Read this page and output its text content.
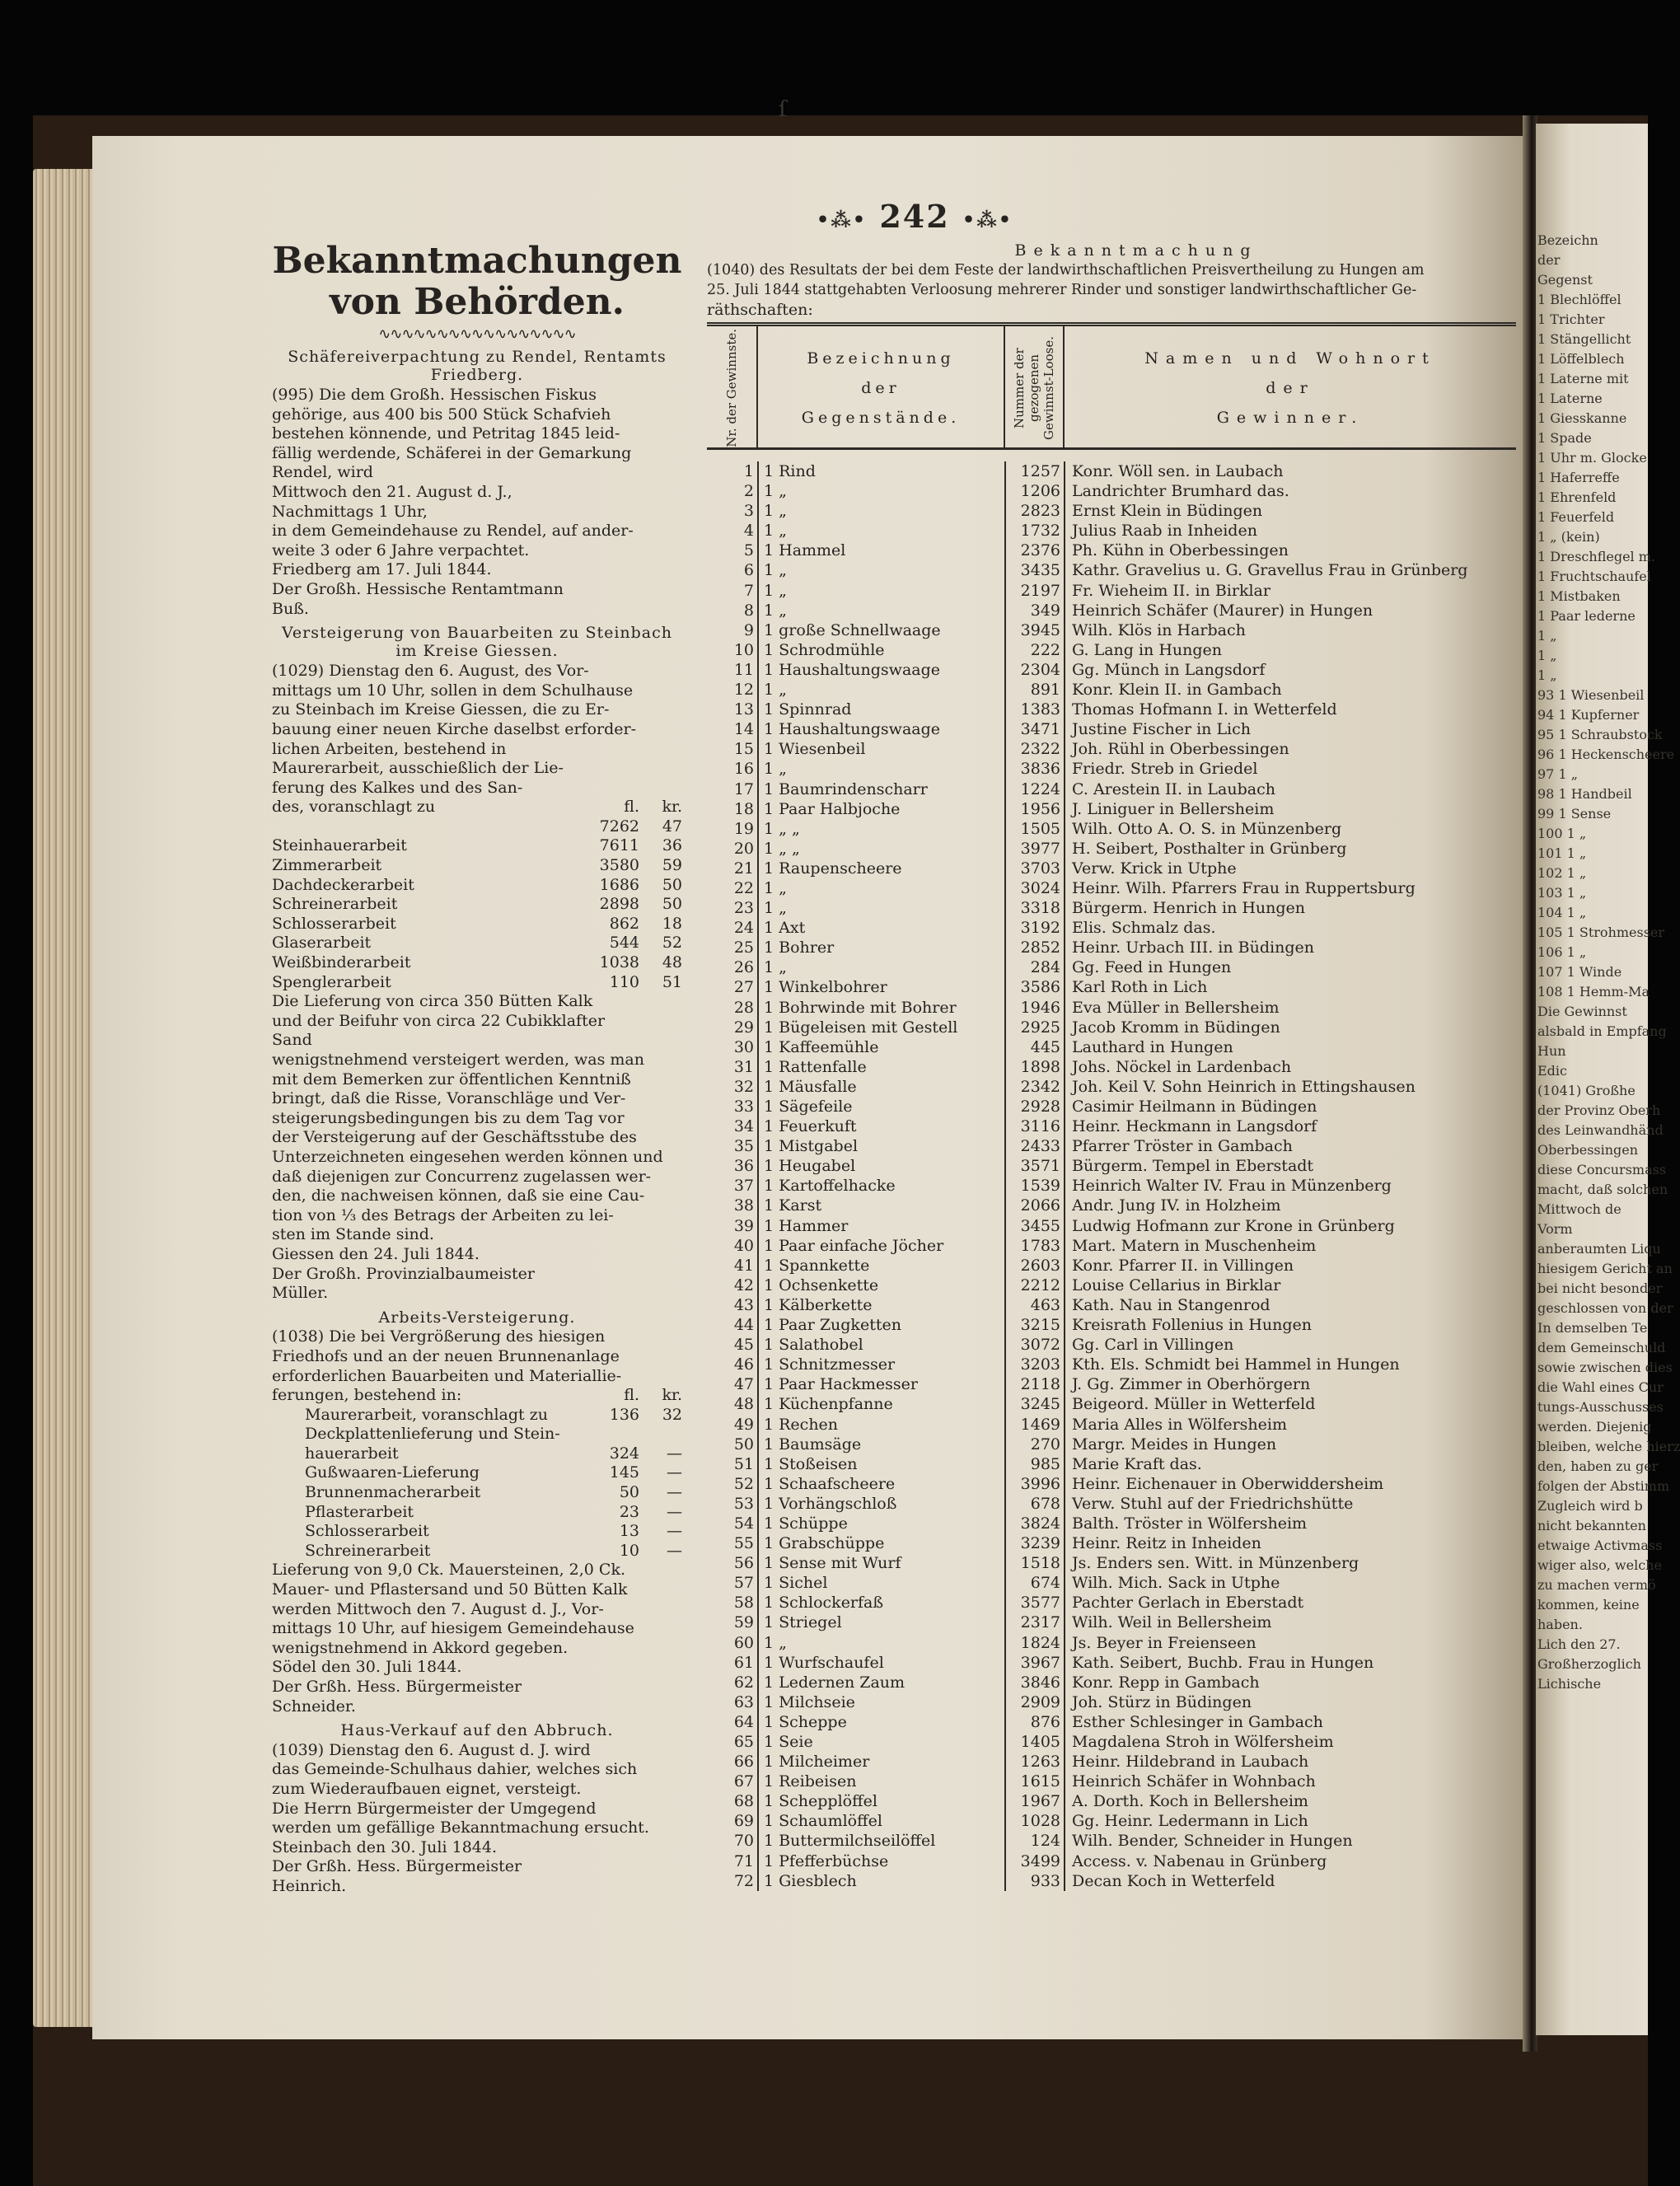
ſ
•⁂• 242 •⁂•
Bekanntmachungen von Behörden.
∿∿∿∿∿∿∿∿∿∿∿∿∿∿∿∿∿
Schäfereiverpachtung zu Rendel, Rentamts Friedberg.
(995) Die dem Großh. Hessischen Fiskus
gehörige, aus 400 bis 500 Stück Schafvieh
bestehen könnende, und Petritag 1845 leid-
fällig werdende, Schäferei in der Gemarkung
Rendel, wird
Mittwoch den 21. August d. J.,
Nachmittags 1 Uhr,
in dem Gemeindehause zu Rendel, auf ander-
weite 3 oder 6 Jahre verpachtet.
Friedberg am 17. Juli 1844.
Der Großh. Hessische Rentamtmann
Buß.
Versteigerung von Bauarbeiten zu Steinbach im Kreise Giessen.
(1029) Dienstag den 6. August, des Vor-
mittags um 10 Uhr, sollen in dem Schulhause
zu Steinbach im Kreise Giessen, die zu Er-
bauung einer neuen Kirche daselbst erforder-
lichen Arbeiten, bestehend in
Maurerarbeit, ausschießlich der Lie-
ferung des Kalkes und des San-
des, voranschlagt zu	fl.	kr.
7262	47
Steinhauerarbeit	7611	36
Zimmerarbeit	3580	59
Dachdeckerarbeit	1686	50
Schreinerarbeit	2898	50
Schlosserarbeit	862	18
Glaserarbeit	544	52
Weißbinderarbeit	1038	48
Spenglerarbeit	110	51
Die Lieferung von circa 350 Bütten Kalk
und der Beifuhr von circa 22 Cubikklafter
Sand
wenigstnehmend versteigert werden, was man
mit dem Bemerken zur öffentlichen Kenntniß
bringt, daß die Risse, Voranschläge und Ver-
steigerungsbedingungen bis zu dem Tag vor
der Versteigerung auf der Geschäftsstube des
Unterzeichneten eingesehen werden können und
daß diejenigen zur Concurrenz zugelassen wer-
den, die nachweisen können, daß sie eine Cau-
tion von ⅓ des Betrags der Arbeiten zu lei-
sten im Stande sind.
Giessen den 24. Juli 1844.
Der Großh. Provinzialbaumeister
Müller.
Arbeits-Versteigerung.
(1038) Die bei Vergrößerung des hiesigen
Friedhofs und an der neuen Brunnenanlage
erforderlichen Bauarbeiten und Materiallie-
ferungen, bestehend in:	fl.	kr.
Maurerarbeit, voranschlagt zu	136	32
Deckplattenlieferung und Stein-
hauerarbeit	324	—
Gußwaaren-Lieferung	145	—
Brunnenmacherarbeit	50	—
Pflasterarbeit	23	—
Schlosserarbeit	13	—
Schreinerarbeit	10	—
Lieferung von 9,0 Ck. Mauersteinen, 2,0 Ck.
Mauer- und Pflastersand und 50 Bütten Kalk
werden Mittwoch den 7. August d. J., Vor-
mittags 10 Uhr, auf hiesigem Gemeindehause
wenigstnehmend in Akkord gegeben.
Södel den 30. Juli 1844.
Der Grßh. Hess. Bürgermeister
Schneider.
Haus-Verkauf auf den Abbruch.
(1039) Dienstag den 6. August d. J. wird
das Gemeinde-Schulhaus dahier, welches sich
zum Wiederaufbauen eignet, versteigt.
Die Herrn Bürgermeister der Umgegend
werden um gefällige Bekanntmachung ersucht.
Steinbach den 30. Juli 1844.
Der Grßh. Hess. Bürgermeister
Heinrich.
Bekanntmachung
(1040) des Resultats der bei dem Feste der landwirthschaftlichen Preisvertheilung zu Hungen am
25. Juli 1844 stattgehabten Verloosung mehrerer Rinder und sonstiger landwirthschaftlicher Ge-
räthschaften:
Nr. der Gewinnste.	Bezeichnung
der
Gegenstände.	Nummer der gezogenen Gewinnst-Loose.	Namen und Wohnort
der
Gewinner.
1	1 Rind	1257	Konr. Wöll sen. in Laubach
2	1 „	1206	Landrichter Brumhard das.
3	1 „	2823	Ernst Klein in Büdingen
4	1 „	1732	Julius Raab in Inheiden
5	1 Hammel	2376	Ph. Kühn in Oberbessingen
6	1 „	3435	Kathr. Gravelius u. G. Gravellus Frau in Grünberg
7	1 „	2197	Fr. Wieheim II. in Birklar
8	1 „	349	Heinrich Schäfer (Maurer) in Hungen
9	1 große Schnellwaage	3945	Wilh. Klös in Harbach
10	1 Schrodmühle	222	G. Lang in Hungen
11	1 Haushaltungswaage	2304	Gg. Münch in Langsdorf
12	1 „	891	Konr. Klein II. in Gambach
13	1 Spinnrad	1383	Thomas Hofmann I. in Wetterfeld
14	1 Haushaltungswaage	3471	Justine Fischer in Lich
15	1 Wiesenbeil	2322	Joh. Rühl in Oberbessingen
16	1 „	3836	Friedr. Streb in Griedel
17	1 Baumrindenscharr	1224	C. Arestein II. in Laubach
18	1 Paar Halbjoche	1956	J. Liniguer in Bellersheim
19	1 „ „	1505	Wilh. Otto A. O. S. in Münzenberg
20	1 „ „	3977	H. Seibert, Posthalter in Grünberg
21	1 Raupenscheere	3703	Verw. Krick in Utphe
22	1 „	3024	Heinr. Wilh. Pfarrers Frau in Ruppertsburg
23	1 „	3318	Bürgerm. Henrich in Hungen
24	1 Axt	3192	Elis. Schmalz das.
25	1 Bohrer	2852	Heinr. Urbach III. in Büdingen
26	1 „	284	Gg. Feed in Hungen
27	1 Winkelbohrer	3586	Karl Roth in Lich
28	1 Bohrwinde mit Bohrer	1946	Eva Müller in Bellersheim
29	1 Bügeleisen mit Gestell	2925	Jacob Kromm in Büdingen
30	1 Kaffeemühle	445	Lauthard in Hungen
31	1 Rattenfalle	1898	Johs. Nöckel in Lardenbach
32	1 Mäusfalle	2342	Joh. Keil V. Sohn Heinrich in Ettingshausen
33	1 Sägefeile	2928	Casimir Heilmann in Büdingen
34	1 Feuerkuft	3116	Heinr. Heckmann in Langsdorf
35	1 Mistgabel	2433	Pfarrer Tröster in Gambach
36	1 Heugabel	3571	Bürgerm. Tempel in Eberstadt
37	1 Kartoffelhacke	1539	Heinrich Walter IV. Frau in Münzenberg
38	1 Karst	2066	Andr. Jung IV. in Holzheim
39	1 Hammer	3455	Ludwig Hofmann zur Krone in Grünberg
40	1 Paar einfache Jöcher	1783	Mart. Matern in Muschenheim
41	1 Spannkette	2603	Konr. Pfarrer II. in Villingen
42	1 Ochsenkette	2212	Louise Cellarius in Birklar
43	1 Kälberkette	463	Kath. Nau in Stangenrod
44	1 Paar Zugketten	3215	Kreisrath Follenius in Hungen
45	1 Salathobel	3072	Gg. Carl in Villingen
46	1 Schnitzmesser	3203	Kth. Els. Schmidt bei Hammel in Hungen
47	1 Paar Hackmesser	2118	J. Gg. Zimmer in Oberhörgern
48	1 Küchenpfanne	3245	Beigeord. Müller in Wetterfeld
49	1 Rechen	1469	Maria Alles in Wölfersheim
50	1 Baumsäge	270	Margr. Meides in Hungen
51	1 Stoßeisen	985	Marie Kraft das.
52	1 Schaafscheere	3996	Heinr. Eichenauer in Oberwiddersheim
53	1 Vorhängschloß	678	Verw. Stuhl auf der Friedrichshütte
54	1 Schüppe	3824	Balth. Tröster in Wölfersheim
55	1 Grabschüppe	3239	Heinr. Reitz in Inheiden
56	1 Sense mit Wurf	1518	Js. Enders sen. Witt. in Münzenberg
57	1 Sichel	674	Wilh. Mich. Sack in Utphe
58	1 Schlockerfaß	3577	Pachter Gerlach in Eberstadt
59	1 Striegel	2317	Wilh. Weil in Bellersheim
60	1 „	1824	Js. Beyer in Freienseen
61	1 Wurfschaufel	3967	Kath. Seibert, Buchb. Frau in Hungen
62	1 Ledernen Zaum	3846	Konr. Repp in Gambach
63	1 Milchseie	2909	Joh. Stürz in Büdingen
64	1 Scheppe	876	Esther Schlesinger in Gambach
65	1 Seie	1405	Magdalena Stroh in Wölfersheim
66	1 Milcheimer	1263	Heinr. Hildebrand in Laubach
67	1 Reibeisen	1615	Heinrich Schäfer in Wohnbach
68	1 Schepplöffel	1967	A. Dorth. Koch in Bellersheim
69	1 Schaumlöffel	1028	Gg. Heinr. Ledermann in Lich
70	1 Buttermilchseilöffel	124	Wilh. Bender, Schneider in Hungen
71	1 Pfefferbüchse	3499	Access. v. Nabenau in Grünberg
72	1 Giesblech	933	Decan Koch in Wetterfeld
Bezeichn
der
Gegenst
1 Blechlöffel
1 Trichter
1 Stängellicht
1 Löffelblech
1 Laterne mit
1 Laterne
1 Giesskanne
1 Spade
1 Uhr m. Glocke
1 Haferreffe
1 Ehrenfeld
1 Feuerfeld
1 „ (kein)
1 Dreschflegel m.
1 Fruchtschaufel
1 Mistbaken
1 Paar lederne
1 „
1 „
1 „
93 1 Wiesenbeil
94 1 Kupferner
95 1 Schraubstock
96 1 Heckenscheere
97 1 „
98 1 Handbeil
99 1 Sense
100 1 „
101 1 „
102 1 „
103 1 „
104 1 „
105 1 Strohmesser
106 1 „
107 1 Winde
108 1 Hemm-Ma
Die Gewinnst
alsbald in Empfang
Hun
Edic
(1041) Großhe
der Provinz Oberh
des Leinwandhänd
Oberbessingen
diese Concursmass
macht, daß solchen
Mittwoch de
Vorm
anberaumten Liqu
hiesigem Gericht an
bei nicht besonder
geschlossen von der
In demselben Te
dem Gemeinschuld
sowie zwischen dies
die Wahl eines Cur
tungs-Ausschusses
werden. Diejenig
bleiben, welche hierz
den, haben zu ger
folgen der Abstimm
Zugleich wird b
nicht bekannten
etwaige Activmass
wiger also, welche
zu machen vermö
kommen, keine
haben.
Lich den 27.
Großherzoglich
Lichische
